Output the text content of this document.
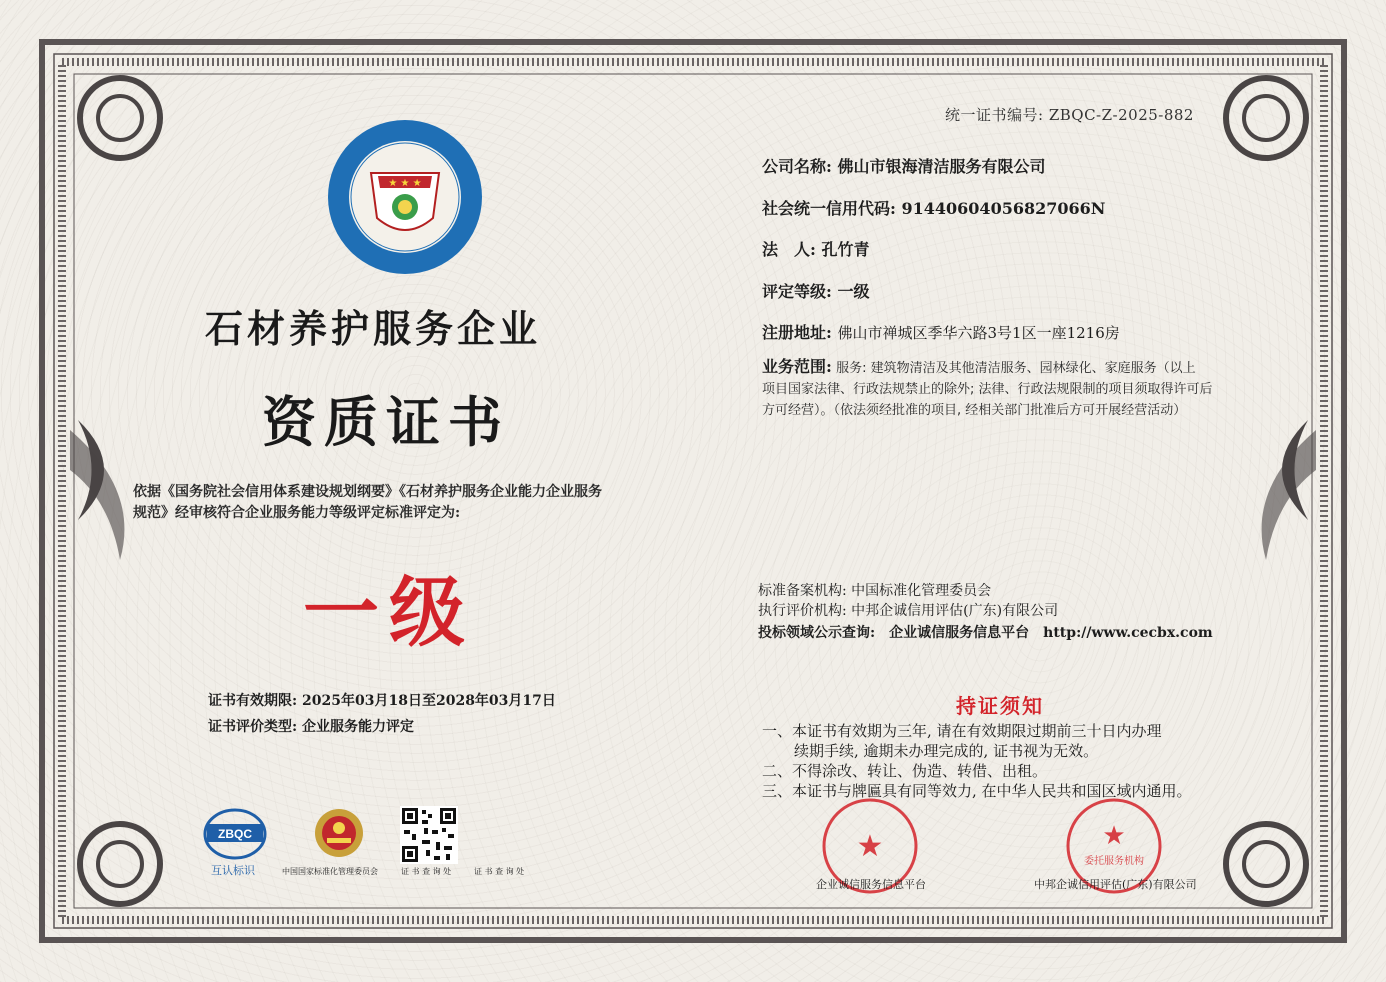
★ ★ ★
统一证书编号: ZBQC-Z-2025-882
公司名称: 佛山市银海清洁服务有限公司
社会统一信用代码: 91440604056827066N
法　人: 孔竹青
评定等级: 一级
注册地址: 佛山市禅城区季华六路3号1区一座1216房
业务范围: 服务: 建筑物清洁及其他清洁服务、园林绿化、家庭服务（以上
项目国家法律、行政法规禁止的除外; 法律、行政法规限制的项目须取得许可后
方可经营）。（依法须经批准的项目, 经相关部门批准后方可开展经营活动）
石材养护服务企业
资质证书
依据《国务院社会信用体系建设规划纲要》《石材养护服务企业能力企业服务
规范》经审核符合企业服务能力等级评定标准评定为:
一级	标准备案机构: 中国标准化管理委员会
执行评价机构: 中邦企诚信用评估(广东)有限公司
投标领域公示查询:　企业诚信服务信息平台　http://www.cecbx.com
证书有效期限: 2025年03月18日至2028年03月17日
证书评价类型: 企业服务能力评定
持证须知
一、本证书有效期为三年, 请在有效期限过期前三十日内办理
续期手续, 逾期未办理完成的, 证书视为无效。
二、不得涂改、转让、伪造、转借、出租。
三、本证书与牌匾具有同等效力, 在中华人民共和国区域内通用。
ZBQC
互认标识	中国国家标准化管理委员会	证 书 查 询 处	证 书 查 询 处
★
企业诚信服务信息平台
★
委托服务机构
中邦企诚信用评估(广东)有限公司
